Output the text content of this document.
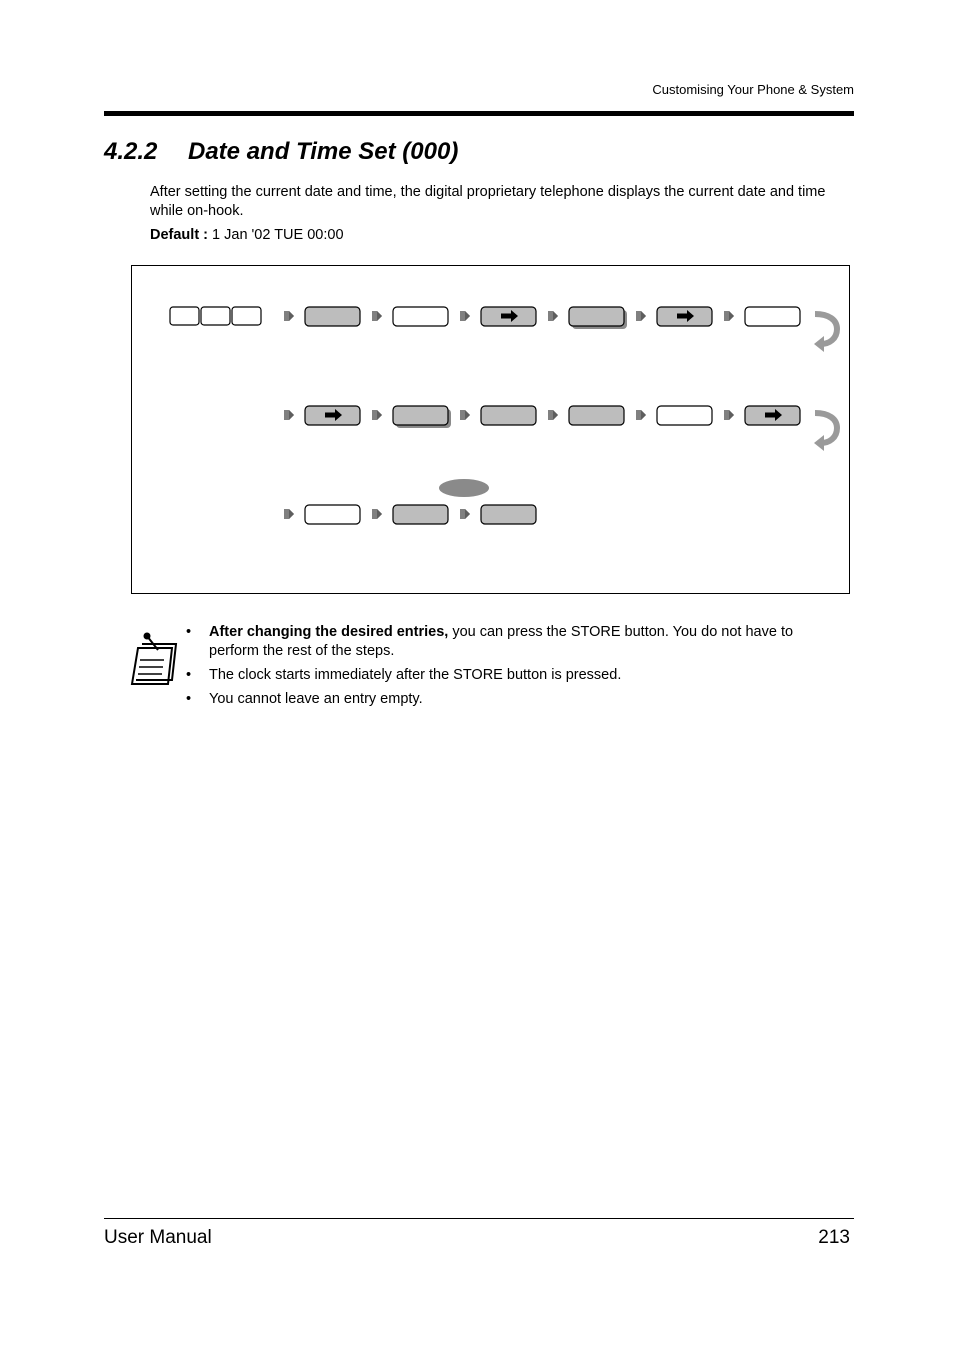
Customising Your Phone & System
4.2.2 Date and Time Set (000)

After setting the current date and time, the digital proprietary telephone displays the current date and time while on-hook.

Default : 1 Jan '02 TUE 00:00

• After changing the desired entries, you can press the STORE button. You do not have to perform the rest of the steps.
• The clock starts immediately after the STORE button is pressed.
• You cannot leave an entry empty.
User Manual	213
